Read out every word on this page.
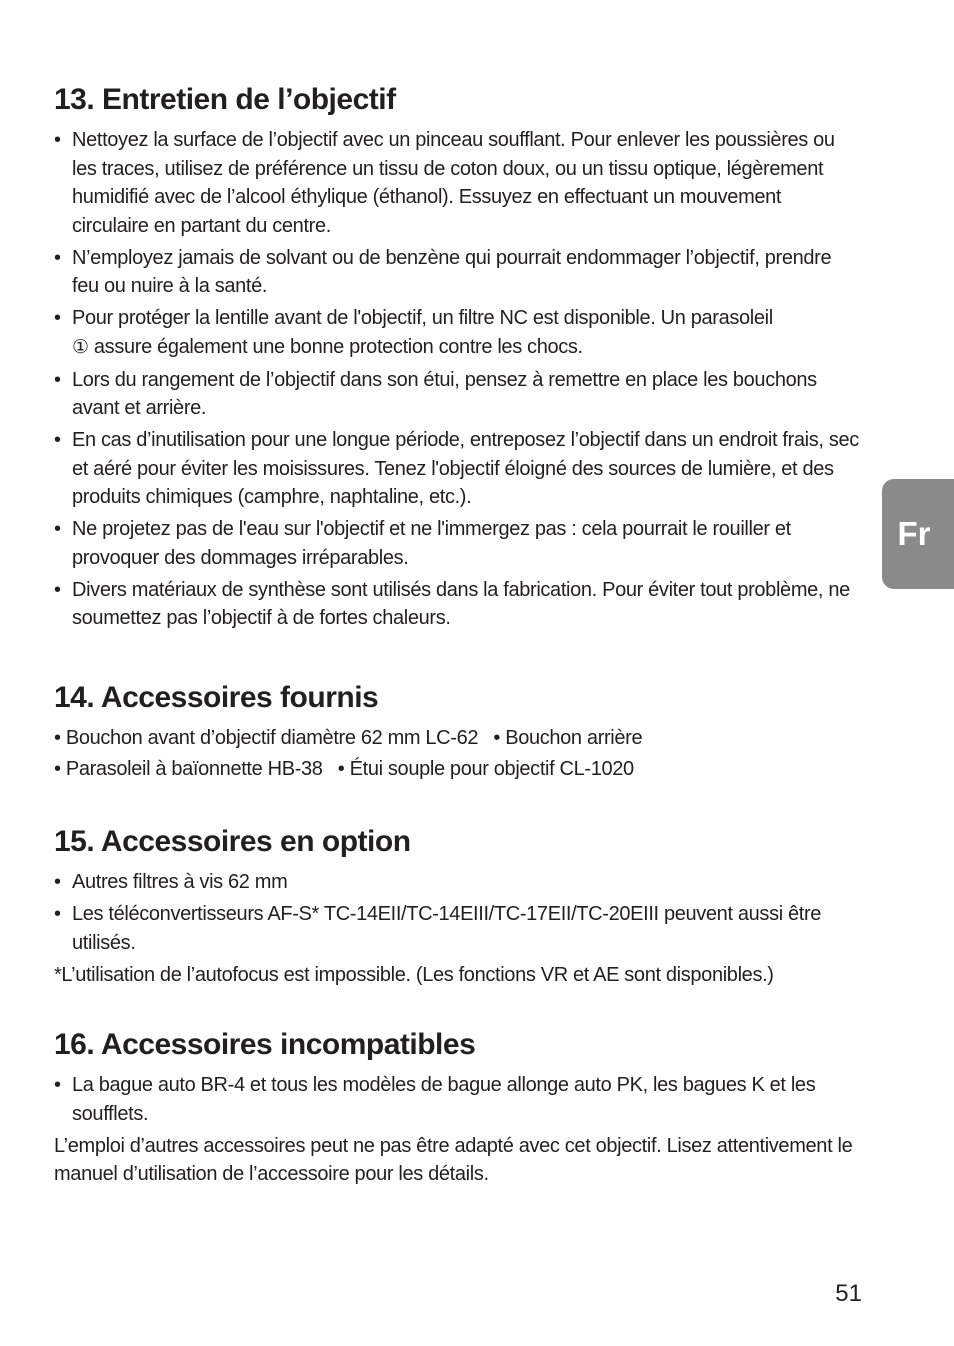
13. Entretien de l’objectif
• Nettoyez la surface de l’objectif avec un pinceau soufflant. Pour enlever les poussières ou les traces, utilisez de préférence un tissu de coton doux, ou un tissu optique, légèrement humidifié avec de l’alcool éthylique (éthanol). Essuyez en effectuant un mouvement circulaire en partant du centre.
• N’employez jamais de solvant ou de benzène qui pourrait endommager l’objectif, prendre feu ou nuire à la santé.
• Pour protéger la lentille avant de l'objectif, un filtre NC est disponible. Un parasoleil
① assure également une bonne protection contre les chocs.
• Lors du rangement de l’objectif dans son étui, pensez à remettre en place les bouchons avant et arrière.
• En cas d’inutilisation pour une longue période, entreposez l’objectif dans un endroit frais, sec et aéré pour éviter les moisissures. Tenez l'objectif éloigné des sources de lumière, et des produits chimiques (camphre, naphtaline, etc.).
• Ne projetez pas de l'eau sur l'objectif et ne l'immergez pas : cela pourrait le rouiller et provoquer des dommages irréparables.
• Divers matériaux de synthèse sont utilisés dans la fabrication. Pour éviter tout problème, ne soumettez pas l’objectif à de fortes chaleurs.
14. Accessoires fournis
• Bouchon avant d’objectif diamètre 62 mm LC-62 • Bouchon arrière
• Parasoleil à baïonnette HB-38 • Étui souple pour objectif CL-1020
15. Accessoires en option
• Autres filtres à vis 62 mm
• Les téléconvertisseurs AF-S* TC-14EII/TC-14EIII/TC-17EII/TC-20EIII peuvent aussi être utilisés.

*L’utilisation de l’autofocus est impossible. (Les fonctions VR et AE sont disponibles.)

16. Accessoires incompatibles
• La bague auto BR-4 et tous les modèles de bague allonge auto PK, les bagues K et les soufflets.

L’emploi d’autres accessoires peut ne pas être adapté avec cet objectif. Lisez attentivement le manuel d’utilisation de l’accessoire pour les détails.

Fr
51
